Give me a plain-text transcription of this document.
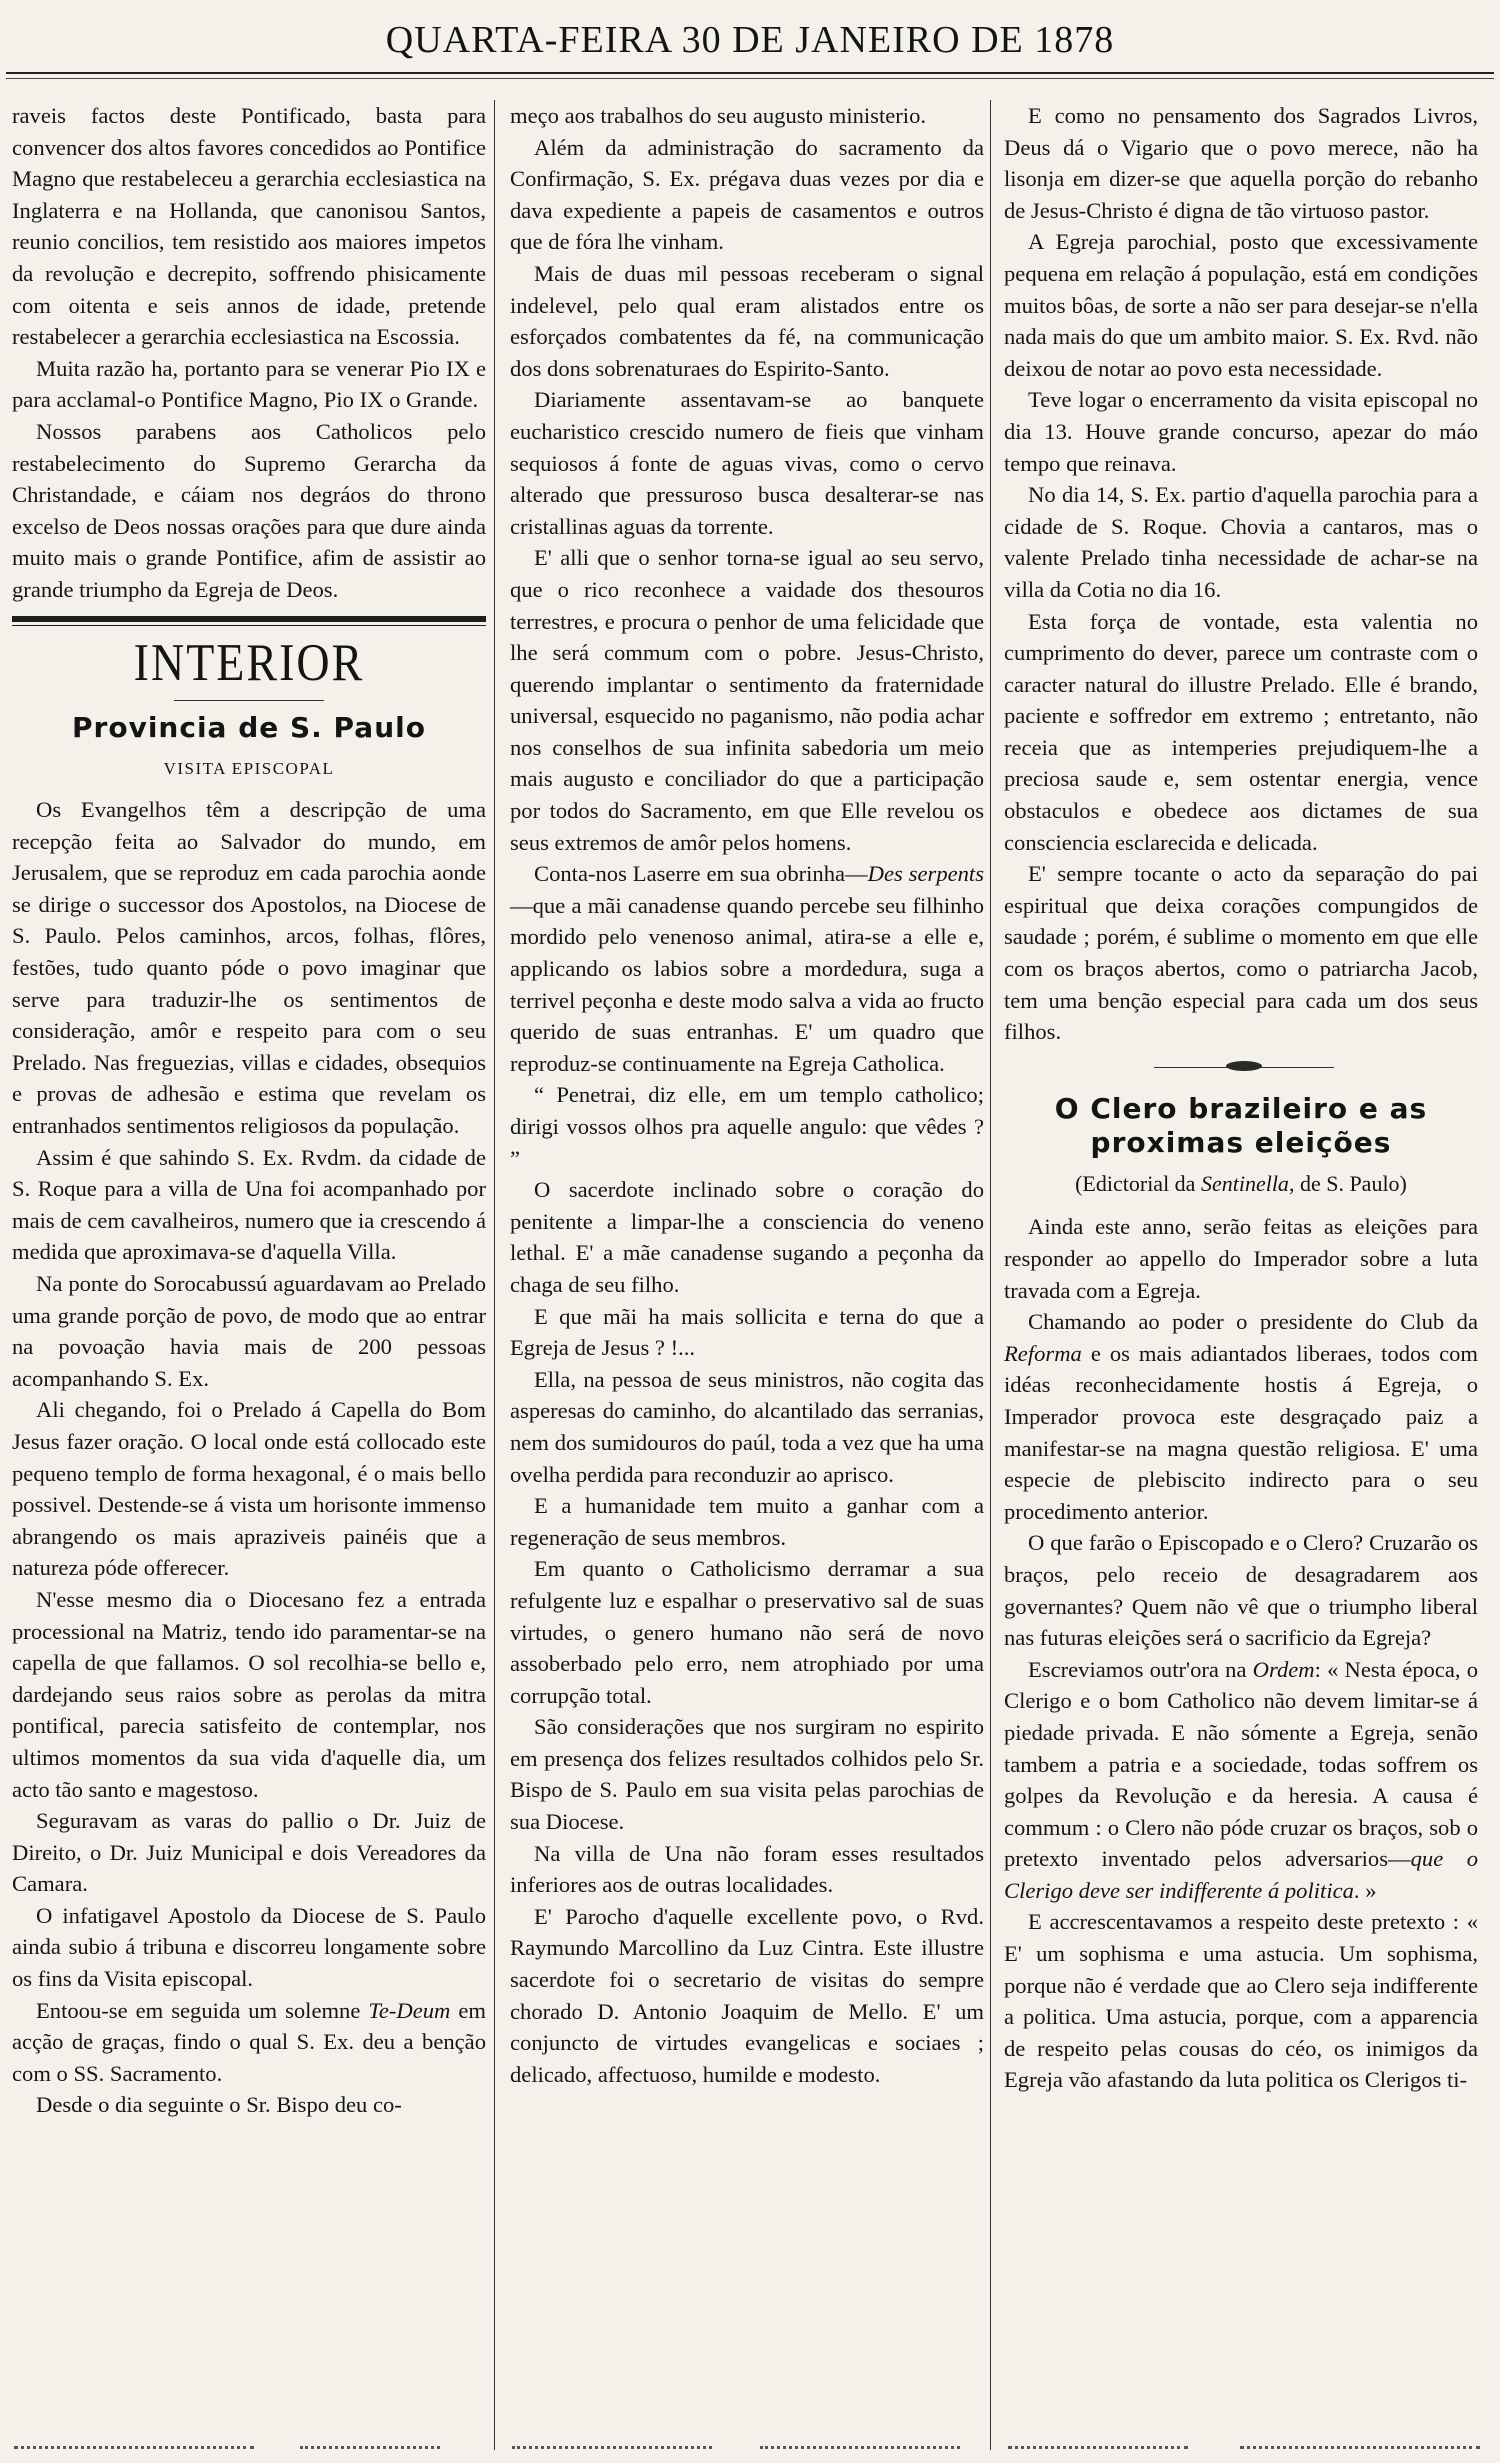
QUARTA-FEIRA 30 DE JANEIRO DE 1878

raveis factos deste Pontificado, basta para convencer dos altos favores concedidos ao Pontifice Magno que restabeleceu a gerarchia ecclesiastica na Inglaterra e na Hollanda, que canonisou Santos, reunio concilios, tem resistido aos maiores impetos da revolução e decrepito, soffrendo phisicamente com oitenta e seis annos de idade, pretende restabelecer a gerarchia ecclesiastica na Escossia.

Muita razão ha, portanto para se venerar Pio IX e para acclamal-o Pontifice Magno, Pio IX o Grande.

Nossos parabens aos Catholicos pelo restabelecimento do Supremo Gerarcha da Christandade, e cáiam nos degráos do throno excelso de Deos nossas orações para que dure ainda muito mais o grande Pontifice, afim de assistir ao grande triumpho da Egreja de Deos.

INTERIOR
Provincia de S. Paulo
VISITA EPISCOPAL

Os Evangelhos têm a descripção de uma recepção feita ao Salvador do mundo, em Jerusalem, que se reproduz em cada parochia aonde se dirige o successor dos Apostolos, na Diocese de S. Paulo. Pelos caminhos, arcos, folhas, flôres, festões, tudo quanto póde o povo imaginar que serve para traduzir-lhe os sentimentos de consideração, amôr e respeito para com o seu Prelado. Nas freguezias, villas e cidades, obsequios e provas de adhesão e estima que revelam os entranhados sentimentos religiosos da população.

Assim é que sahindo S. Ex. Rvdm. da cidade de S. Roque para a villa de Una foi acompanhado por mais de cem cavalheiros, numero que ia crescendo á medida que aproximava-se d'aquella Villa.

Na ponte do Sorocabussú aguardavam ao Prelado uma grande porção de povo, de modo que ao entrar na povoação havia mais de 200 pessoas acompanhando S. Ex.

Ali chegando, foi o Prelado á Capella do Bom Jesus fazer oração. O local onde está collocado este pequeno templo de forma hexagonal, é o mais bello possivel. Destende-se á vista um horisonte immenso abrangendo os mais apraziveis painéis que a natureza póde offerecer.

N'esse mesmo dia o Diocesano fez a entrada processional na Matriz, tendo ido paramentar-se na capella de que fallamos. O sol recolhia-se bello e, dardejando seus raios sobre as perolas da mitra pontifical, parecia satisfeito de contemplar, nos ultimos momentos da sua vida d'aquelle dia, um acto tão santo e magestoso.

Seguravam as varas do pallio o Dr. Juiz de Direito, o Dr. Juiz Municipal e dois Vereadores da Camara.

O infatigavel Apostolo da Diocese de S. Paulo ainda subio á tribuna e discorreu longamente sobre os fins da Visita episcopal.

Entoou-se em seguida um solemne Te-Deum em acção de graças, findo o qual S. Ex. deu a benção com o SS. Sacramento.

Desde o dia seguinte o Sr. Bispo deu co-

meço aos trabalhos do seu augusto ministerio.

Além da administração do sacramento da Confirmação, S. Ex. prégava duas vezes por dia e dava expediente a papeis de casamentos e outros que de fóra lhe vinham.

Mais de duas mil pessoas receberam o signal indelevel, pelo qual eram alistados entre os esforçados combatentes da fé, na communicação dos dons sobrenaturaes do Espirito-Santo.

Diariamente assentavam-se ao banquete eucharistico crescido numero de fieis que vinham sequiosos á fonte de aguas vivas, como o cervo alterado que pressuroso busca desalterar-se nas cristallinas aguas da torrente.

E' alli que o senhor torna-se igual ao seu servo, que o rico reconhece a vaidade dos thesouros terrestres, e procura o penhor de uma felicidade que lhe será commum com o pobre. Jesus-Christo, querendo implantar o sentimento da fraternidade universal, esquecido no paganismo, não podia achar nos conselhos de sua infinita sabedoria um meio mais augusto e conciliador do que a participação por todos do Sacramento, em que Elle revelou os seus extremos de amôr pelos homens.

Conta-nos Laserre em sua obrinha—Des serpents—que a mãi canadense quando percebe seu filhinho mordido pelo venenoso animal, atira-se a elle e, applicando os labios sobre a mordedura, suga a terrivel peçonha e deste modo salva a vida ao fructo querido de suas entranhas. E' um quadro que reproduz-se continuamente na Egreja Catholica.

“ Penetrai, diz elle, em um templo catholico; dirigi vossos olhos pra aquelle angulo: que vêdes ? ”

O sacerdote inclinado sobre o coração do penitente a limpar-lhe a consciencia do veneno lethal. E' a mãe canadense sugando a peçonha da chaga de seu filho.

E que mãi ha mais sollicita e terna do que a Egreja de Jesus ? !...

Ella, na pessoa de seus ministros, não cogita das asperesas do caminho, do alcantilado das serranias, nem dos sumidouros do paúl, toda a vez que ha uma ovelha perdida para reconduzir ao aprisco.

E a humanidade tem muito a ganhar com a regeneração de seus membros.

Em quanto o Catholicismo derramar a sua refulgente luz e espalhar o preservativo sal de suas virtudes, o genero humano não será de novo assoberbado pelo erro, nem atrophiado por uma corrupção total.

São considerações que nos surgiram no espirito em presença dos felizes resultados colhidos pelo Sr. Bispo de S. Paulo em sua visita pelas parochias de sua Diocese.

Na villa de Una não foram esses resultados inferiores aos de outras localidades.

E' Parocho d'aquelle excellente povo, o Rvd. Raymundo Marcollino da Luz Cintra. Este illustre sacerdote foi o secretario de visitas do sempre chorado D. Antonio Joaquim de Mello. E' um conjuncto de virtudes evangelicas e sociaes ; delicado, affectuoso, humilde e modesto.

E como no pensamento dos Sagrados Livros, Deus dá o Vigario que o povo merece, não ha lisonja em dizer-se que aquella porção do rebanho de Jesus-Christo é digna de tão virtuoso pastor.

A Egreja parochial, posto que excessivamente pequena em relação á população, está em condições muitos bôas, de sorte a não ser para desejar-se n'ella nada mais do que um ambito maior. S. Ex. Rvd. não deixou de notar ao povo esta necessidade.

Teve logar o encerramento da visita episcopal no dia 13. Houve grande concurso, apezar do máo tempo que reinava.

No dia 14, S. Ex. partio d'aquella parochia para a cidade de S. Roque. Chovia a cantaros, mas o valente Prelado tinha necessidade de achar-se na villa da Cotia no dia 16.

Esta força de vontade, esta valentia no cumprimento do dever, parece um contraste com o caracter natural do illustre Prelado. Elle é brando, paciente e soffredor em extremo ; entretanto, não receia que as intemperies prejudiquem-lhe a preciosa saude e, sem ostentar energia, vence obstaculos e obedece aos dictames de sua consciencia esclarecida e delicada.

E' sempre tocante o acto da separação do pai espiritual que deixa corações compungidos de saudade ; porém, é sublime o momento em que elle com os braços abertos, como o patriarcha Jacob, tem uma benção especial para cada um dos seus filhos.

O Clero brazileiro e as proximas eleições
(Edictorial da Sentinella, de S. Paulo)

Ainda este anno, serão feitas as eleições para responder ao appello do Imperador sobre a luta travada com a Egreja.

Chamando ao poder o presidente do Club da Reforma e os mais adiantados liberaes, todos com idéas reconhecidamente hostis á Egreja, o Imperador provoca este desgraçado paiz a manifestar-se na magna questão religiosa. E' uma especie de plebiscito indirecto para o seu procedimento anterior.

O que farão o Episcopado e o Clero? Cruzarão os braços, pelo receio de desagradarem aos governantes? Quem não vê que o triumpho liberal nas futuras eleições será o sacrificio da Egreja?

Escreviamos outr'ora na Ordem: « Nesta época, o Clerigo e o bom Catholico não devem limitar-se á piedade privada. E não sómente a Egreja, senão tambem a patria e a sociedade, todas soffrem os golpes da Revolução e da heresia. A causa é commum : o Clero não póde cruzar os braços, sob o pretexto inventado pelos adversarios—que o Clerigo deve ser indifferente á politica. »

E accrescentavamos a respeito deste pretexto : « E' um sophisma e uma astucia. Um sophisma, porque não é verdade que ao Clero seja indifferente a politica. Uma astucia, porque, com a apparencia de respeito pelas cousas do céo, os inimigos da Egreja vão afastando da luta politica os Clerigos ti-
